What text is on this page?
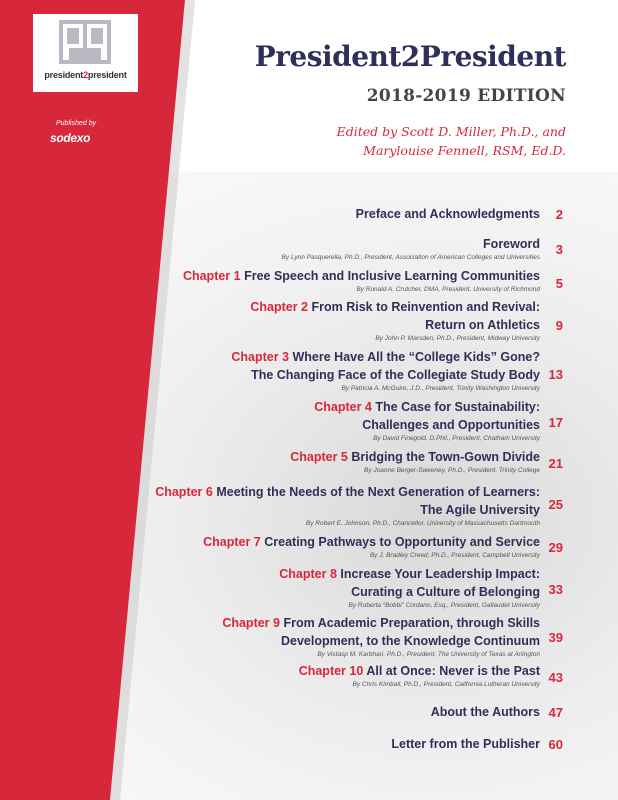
president2president
Published by
sodexo
President2President
2018-2019 EDITION
Edited by Scott D. Miller, Ph.D., and
Marylouise Fennell, RSM, Ed.D.
Preface and Acknowledgments	2
Foreword
By Lynn Pasquerella, Ph.D., President, Association of American Colleges and Universities
3
Chapter 1 Free Speech and Inclusive Learning Communities
By Ronald A. Crutcher, DMA, President, University of Richmond	5
Chapter 2 From Risk to Reinvention and Revival:
Return on Athletics
By John P. Marsden, Ph.D., President, Midway University
9
Chapter 3 Where Have All the “College Kids” Gone?
The Changing Face of the Collegiate Study Body
By Patricia A. McGuire, J.D., President, Trinity Washington University
13
Chapter 4 The Case for Sustainability:
Challenges and Opportunities
By David Finegold, D.Phil., President, Chatham University
17
Chapter 5 Bridging the Town-Gown Divide
By Joanne Berger-Sweeney, Ph.D., President, Trinity College 21
Chapter 6 Meeting the Needs of the Next Generation of Learners:
The Agile University
By Robert E. Johnson, Ph.D., Chancellor, University of Massachusetts Dartmouth
25
Chapter 7 Creating Pathways to Opportunity and Service
By J. Bradley Creed, Ph.D., President, Campbell University
29
Chapter 8 Increase Your Leadership Impact:
Curating a Culture of Belonging
By Roberta “Bobbi” Cordano, Esq., President, Gallaudet University
33
Chapter 9 From Academic Preparation, through Skills
Development, to the Knowledge Continuum
By Vistasp M. Karbhari, Ph.D., President, The University of Texas at Arlington
39
Chapter 10 All at Once: Never is the Past
By Chris Kimball, Ph.D., President, California Lutheran University 43
About the Authors 47
Letter from the Publisher 60
